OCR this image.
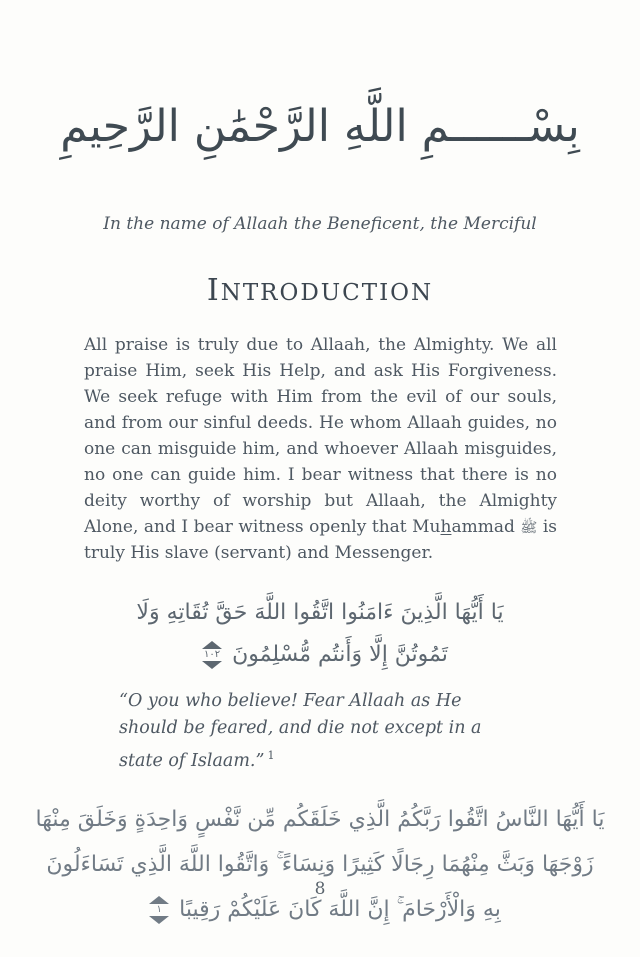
بِسْــــــمِ اللَّهِ الرَّحْمَٰنِ الرَّحِيمِ
In the name of Allaah the Beneficent, the Merciful
INTRODUCTION

All praise is truly due to Allaah, the Almighty. We all praise Him, seek His Help, and ask His Forgiveness. We seek refuge with Him from the evil of our souls, and from our sinful deeds. He whom Allaah guides, no one can misguide him, and whoever Allaah misguides, no one can guide him. I bear witness that there is no deity worthy of worship but Allaah, the Almighty Alone, and I bear witness openly that Muhammad ﷺ is truly His slave (servant) and Messenger.

يَا أَيُّهَا الَّذِينَ ءَامَنُوا اتَّقُوا اللَّهَ حَقَّ تُقَاتِهِ وَلَا
تَمُوتُنَّ إِلَّا وَأَنتُم مُّسْلِمُونَ
١٠٢
“O you who believe! Fear Allaah as He should be feared, and die not except in a state of Islaam.” $^1$
يَا أَيُّهَا النَّاسُ اتَّقُوا رَبَّكُمُ الَّذِي خَلَقَكُم مِّن نَّفْسٍ وَاحِدَةٍ وَخَلَقَ مِنْهَا
زَوْجَهَا وَبَثَّ مِنْهُمَا رِجَالًا كَثِيرًا وَنِسَاءً ۚ وَاتَّقُوا اللَّهَ الَّذِي تَسَاءَلُونَ
بِهِ وَالْأَرْحَامَ ۚ إِنَّ اللَّهَ كَانَ عَلَيْكُمْ رَقِيبًا
١
8
